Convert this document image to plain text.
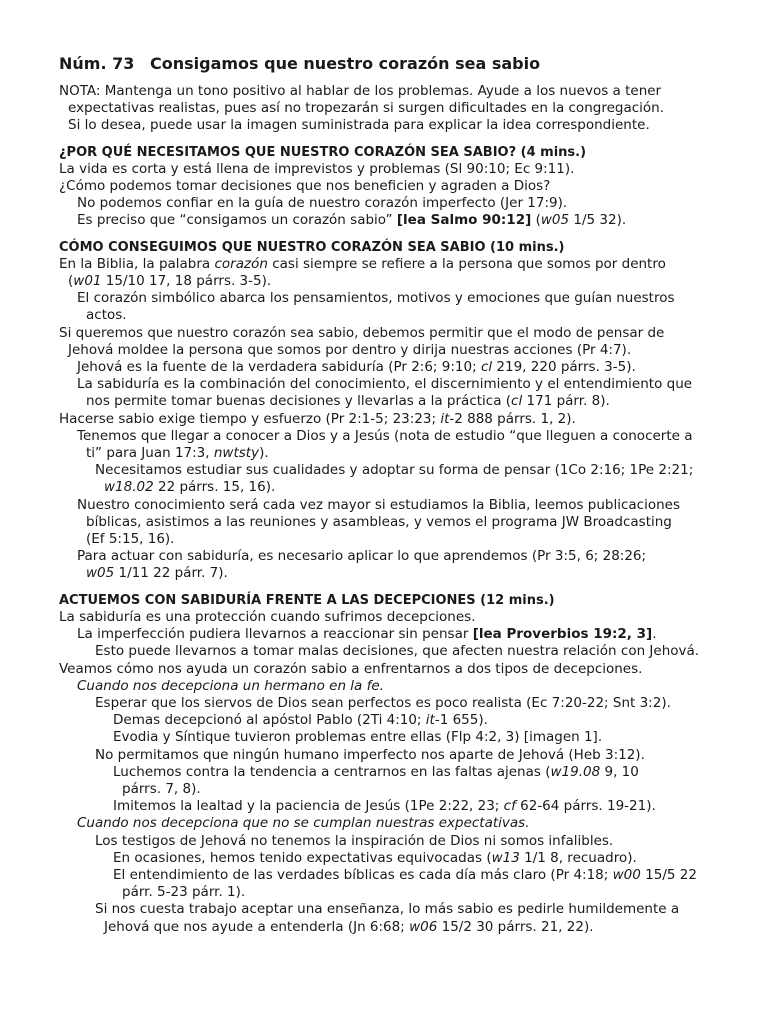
Núm. 73 Consigamos que nuestro corazón sea sabio
NOTA: Mantenga un tono positivo al hablar de los problemas. Ayude a los nuevos a tener
expectativas realistas, pues así no tropezarán si surgen dificultades en la congregación.
Si lo desea, puede usar la imagen suministrada para explicar la idea correspondiente.
¿POR QUÉ NECESITAMOS QUE NUESTRO CORAZÓN SEA SABIO? (4 mins.)
La vida es corta y está llena de imprevistos y problemas (Sl 90:10; Ec 9:11).
¿Cómo podemos tomar decisiones que nos beneficien y agraden a Dios?
No podemos confiar en la guía de nuestro corazón imperfecto (Jer 17:9).
Es preciso que “consigamos un corazón sabio” [lea Salmo 90:12] (w05 1/5 32).
CÓMO CONSEGUIMOS QUE NUESTRO CORAZÓN SEA SABIO (10 mins.)
En la Biblia, la palabra corazón casi siempre se refiere a la persona que somos por dentro
(w01 15/10 17, 18 párrs. 3-5).
El corazón simbólico abarca los pensamientos, motivos y emociones que guían nuestros
actos.
Si queremos que nuestro corazón sea sabio, debemos permitir que el modo de pensar de
Jehová moldee la persona que somos por dentro y dirija nuestras acciones (Pr 4:7).
Jehová es la fuente de la verdadera sabiduría (Pr 2:6; 9:10; cl 219, 220 párrs. 3-5).
La sabiduría es la combinación del conocimiento, el discernimiento y el entendimiento que
nos permite tomar buenas decisiones y llevarlas a la práctica (cl 171 párr. 8).
Hacerse sabio exige tiempo y esfuerzo (Pr 2:1-5; 23:23; it-2 888 párrs. 1, 2).
Tenemos que llegar a conocer a Dios y a Jesús (nota de estudio “que lleguen a conocerte a
ti” para Juan 17:3, nwtsty).
Necesitamos estudiar sus cualidades y adoptar su forma de pensar (1Co 2:16; 1Pe 2:21;
w18.02 22 párrs. 15, 16).
Nuestro conocimiento será cada vez mayor si estudiamos la Biblia, leemos publicaciones
bíblicas, asistimos a las reuniones y asambleas, y vemos el programa JW Broadcasting
(Ef 5:15, 16).
Para actuar con sabiduría, es necesario aplicar lo que aprendemos (Pr 3:5, 6; 28:26;
w05 1/11 22 párr. 7).
ACTUEMOS CON SABIDURÍA FRENTE A LAS DECEPCIONES (12 mins.)
La sabiduría es una protección cuando sufrimos decepciones.
La imperfección pudiera llevarnos a reaccionar sin pensar [lea Proverbios 19:2, 3].
Esto puede llevarnos a tomar malas decisiones, que afecten nuestra relación con Jehová.
Veamos cómo nos ayuda un corazón sabio a enfrentarnos a dos tipos de decepciones.
Cuando nos decepciona un hermano en la fe.
Esperar que los siervos de Dios sean perfectos es poco realista (Ec 7:20-22; Snt 3:2).
Demas decepcionó al apóstol Pablo (2Ti 4:10; it-1 655).
Evodia y Síntique tuvieron problemas entre ellas (Flp 4:2, 3) [imagen 1].
No permitamos que ningún humano imperfecto nos aparte de Jehová (Heb 3:12).
Luchemos contra la tendencia a centrarnos en las faltas ajenas (w19.08 9, 10
párrs. 7, 8).
Imitemos la lealtad y la paciencia de Jesús (1Pe 2:22, 23; cf 62-64 párrs. 19-21).
Cuando nos decepciona que no se cumplan nuestras expectativas.
Los testigos de Jehová no tenemos la inspiración de Dios ni somos infalibles.
En ocasiones, hemos tenido expectativas equivocadas (w13 1/1 8, recuadro).
El entendimiento de las verdades bíblicas es cada día más claro (Pr 4:18; w00 15/5 22
párr. 5-23 párr. 1).
Si nos cuesta trabajo aceptar una enseñanza, lo más sabio es pedirle humildemente a
Jehová que nos ayude a entenderla (Jn 6:68; w06 15/2 30 párrs. 21, 22).
